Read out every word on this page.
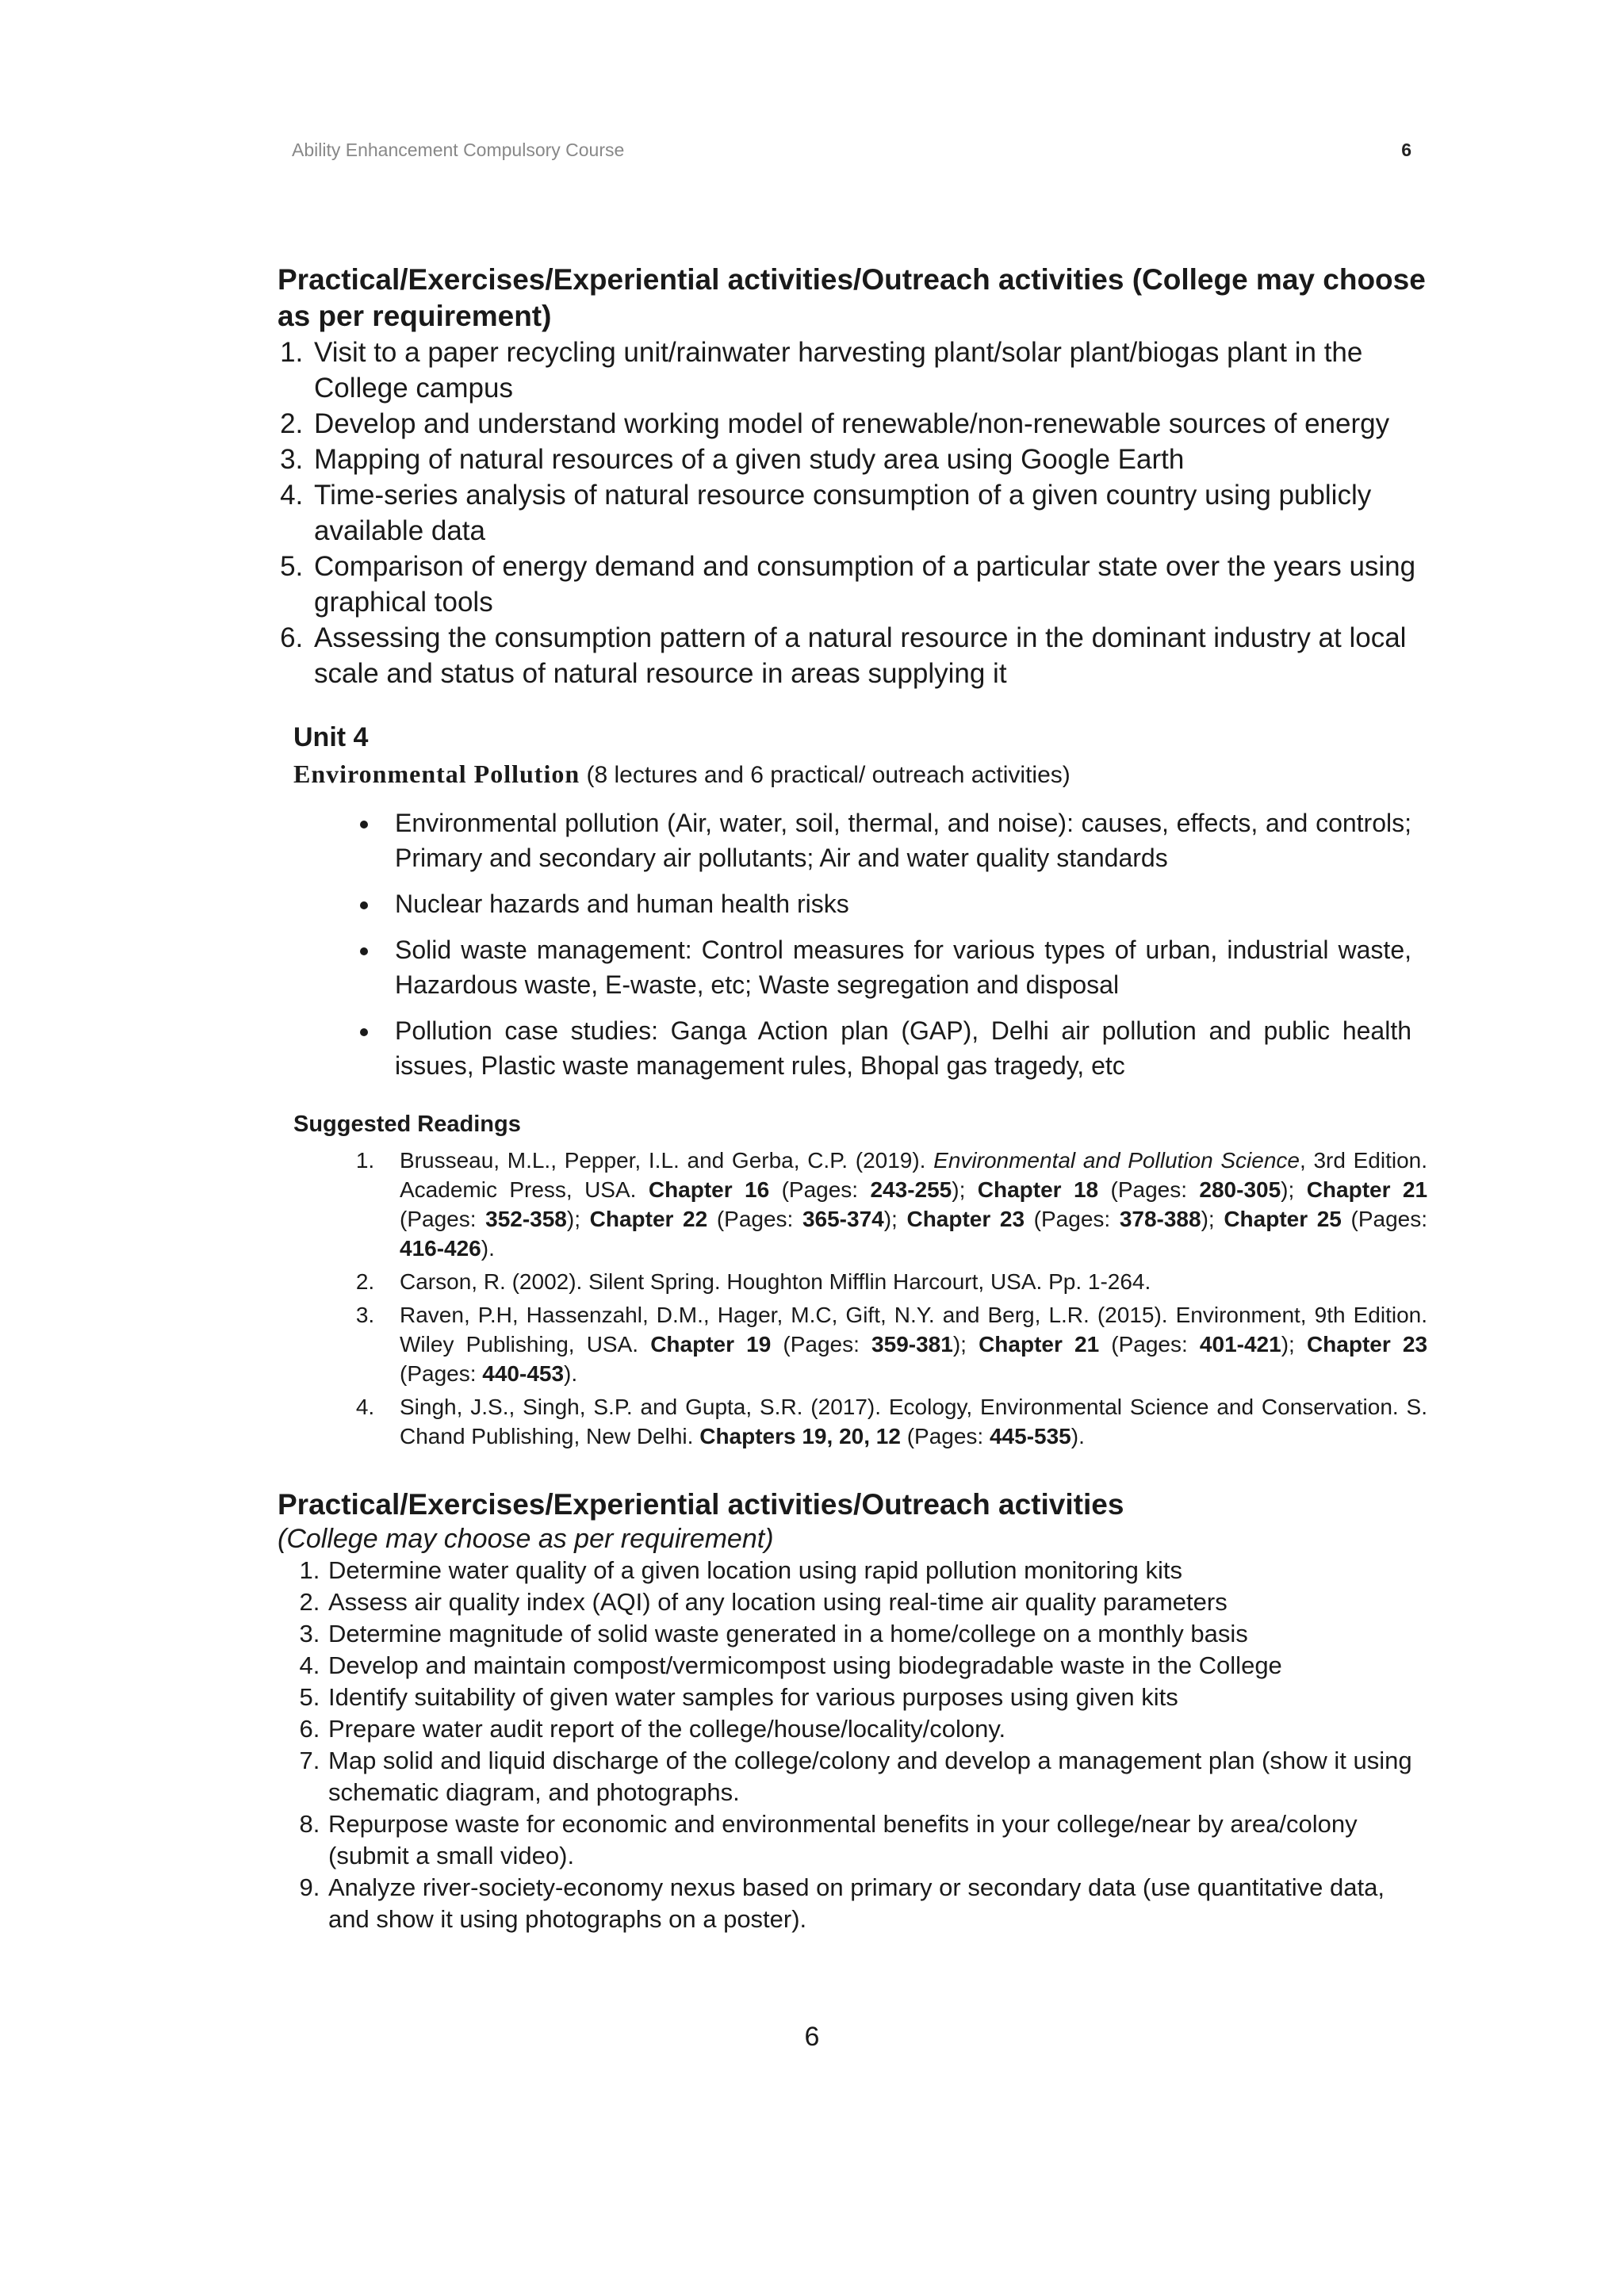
Ability Enhancement Compulsory Course	6
Practical/Exercises/Experiential activities/Outreach activities (College may choose as per requirement)
1. Visit to a paper recycling unit/rainwater harvesting plant/solar plant/biogas plant in the College campus
2. Develop and understand working model of renewable/non-renewable sources of energy
3. Mapping of natural resources of a given study area using Google Earth
4. Time-series analysis of natural resource consumption of a given country using publicly available data
5. Comparison of energy demand and consumption of a particular state over the years using graphical tools
6. Assessing the consumption pattern of a natural resource in the dominant industry at local scale and status of natural resource in areas supplying it
Unit 4
Environmental Pollution (8 lectures and 6 practical/ outreach activities)
• Environmental pollution (Air, water, soil, thermal, and noise): causes, effects, and controls; Primary and secondary air pollutants; Air and water quality standards
• Nuclear hazards and human health risks
• Solid waste management: Control measures for various types of urban, industrial waste, Hazardous waste, E-waste, etc; Waste segregation and disposal
• Pollution case studies: Ganga Action plan (GAP), Delhi air pollution and public health issues, Plastic waste management rules, Bhopal gas tragedy, etc
Suggested Readings
1. Brusseau, M.L., Pepper, I.L. and Gerba, C.P. (2019). Environmental and Pollution Science, 3rd Edition. Academic Press, USA. Chapter 16 (Pages: 243-255); Chapter 18 (Pages: 280-305); Chapter 21 (Pages: 352-358); Chapter 22 (Pages: 365-374); Chapter 23 (Pages: 378-388); Chapter 25 (Pages: 416-426).
2. Carson, R. (2002). Silent Spring. Houghton Mifflin Harcourt, USA. Pp. 1-264.
3. Raven, P.H, Hassenzahl, D.M., Hager, M.C, Gift, N.Y. and Berg, L.R. (2015). Environment, 9th Edition. Wiley Publishing, USA. Chapter 19 (Pages: 359-381); Chapter 21 (Pages: 401-421); Chapter 23 (Pages: 440-453).
4. Singh, J.S., Singh, S.P. and Gupta, S.R. (2017). Ecology, Environmental Science and Conservation. S. Chand Publishing, New Delhi. Chapters 19, 20, 12 (Pages: 445-535).
Practical/Exercises/Experiential activities/Outreach activities

(College may choose as per requirement)

1. Determine water quality of a given location using rapid pollution monitoring kits
2. Assess air quality index (AQI) of any location using real-time air quality parameters
3. Determine magnitude of solid waste generated in a home/college on a monthly basis
4. Develop and maintain compost/vermicompost using biodegradable waste in the College
5. Identify suitability of given water samples for various purposes using given kits
6. Prepare water audit report of the college/house/locality/colony.
7. Map solid and liquid discharge of the college/colony and develop a management plan (show it using schematic diagram, and photographs.
8. Repurpose waste for economic and environmental benefits in your college/near by area/colony (submit a small video).
9. Analyze river-society-economy nexus based on primary or secondary data (use quantitative data, and show it using photographs on a poster).
6
